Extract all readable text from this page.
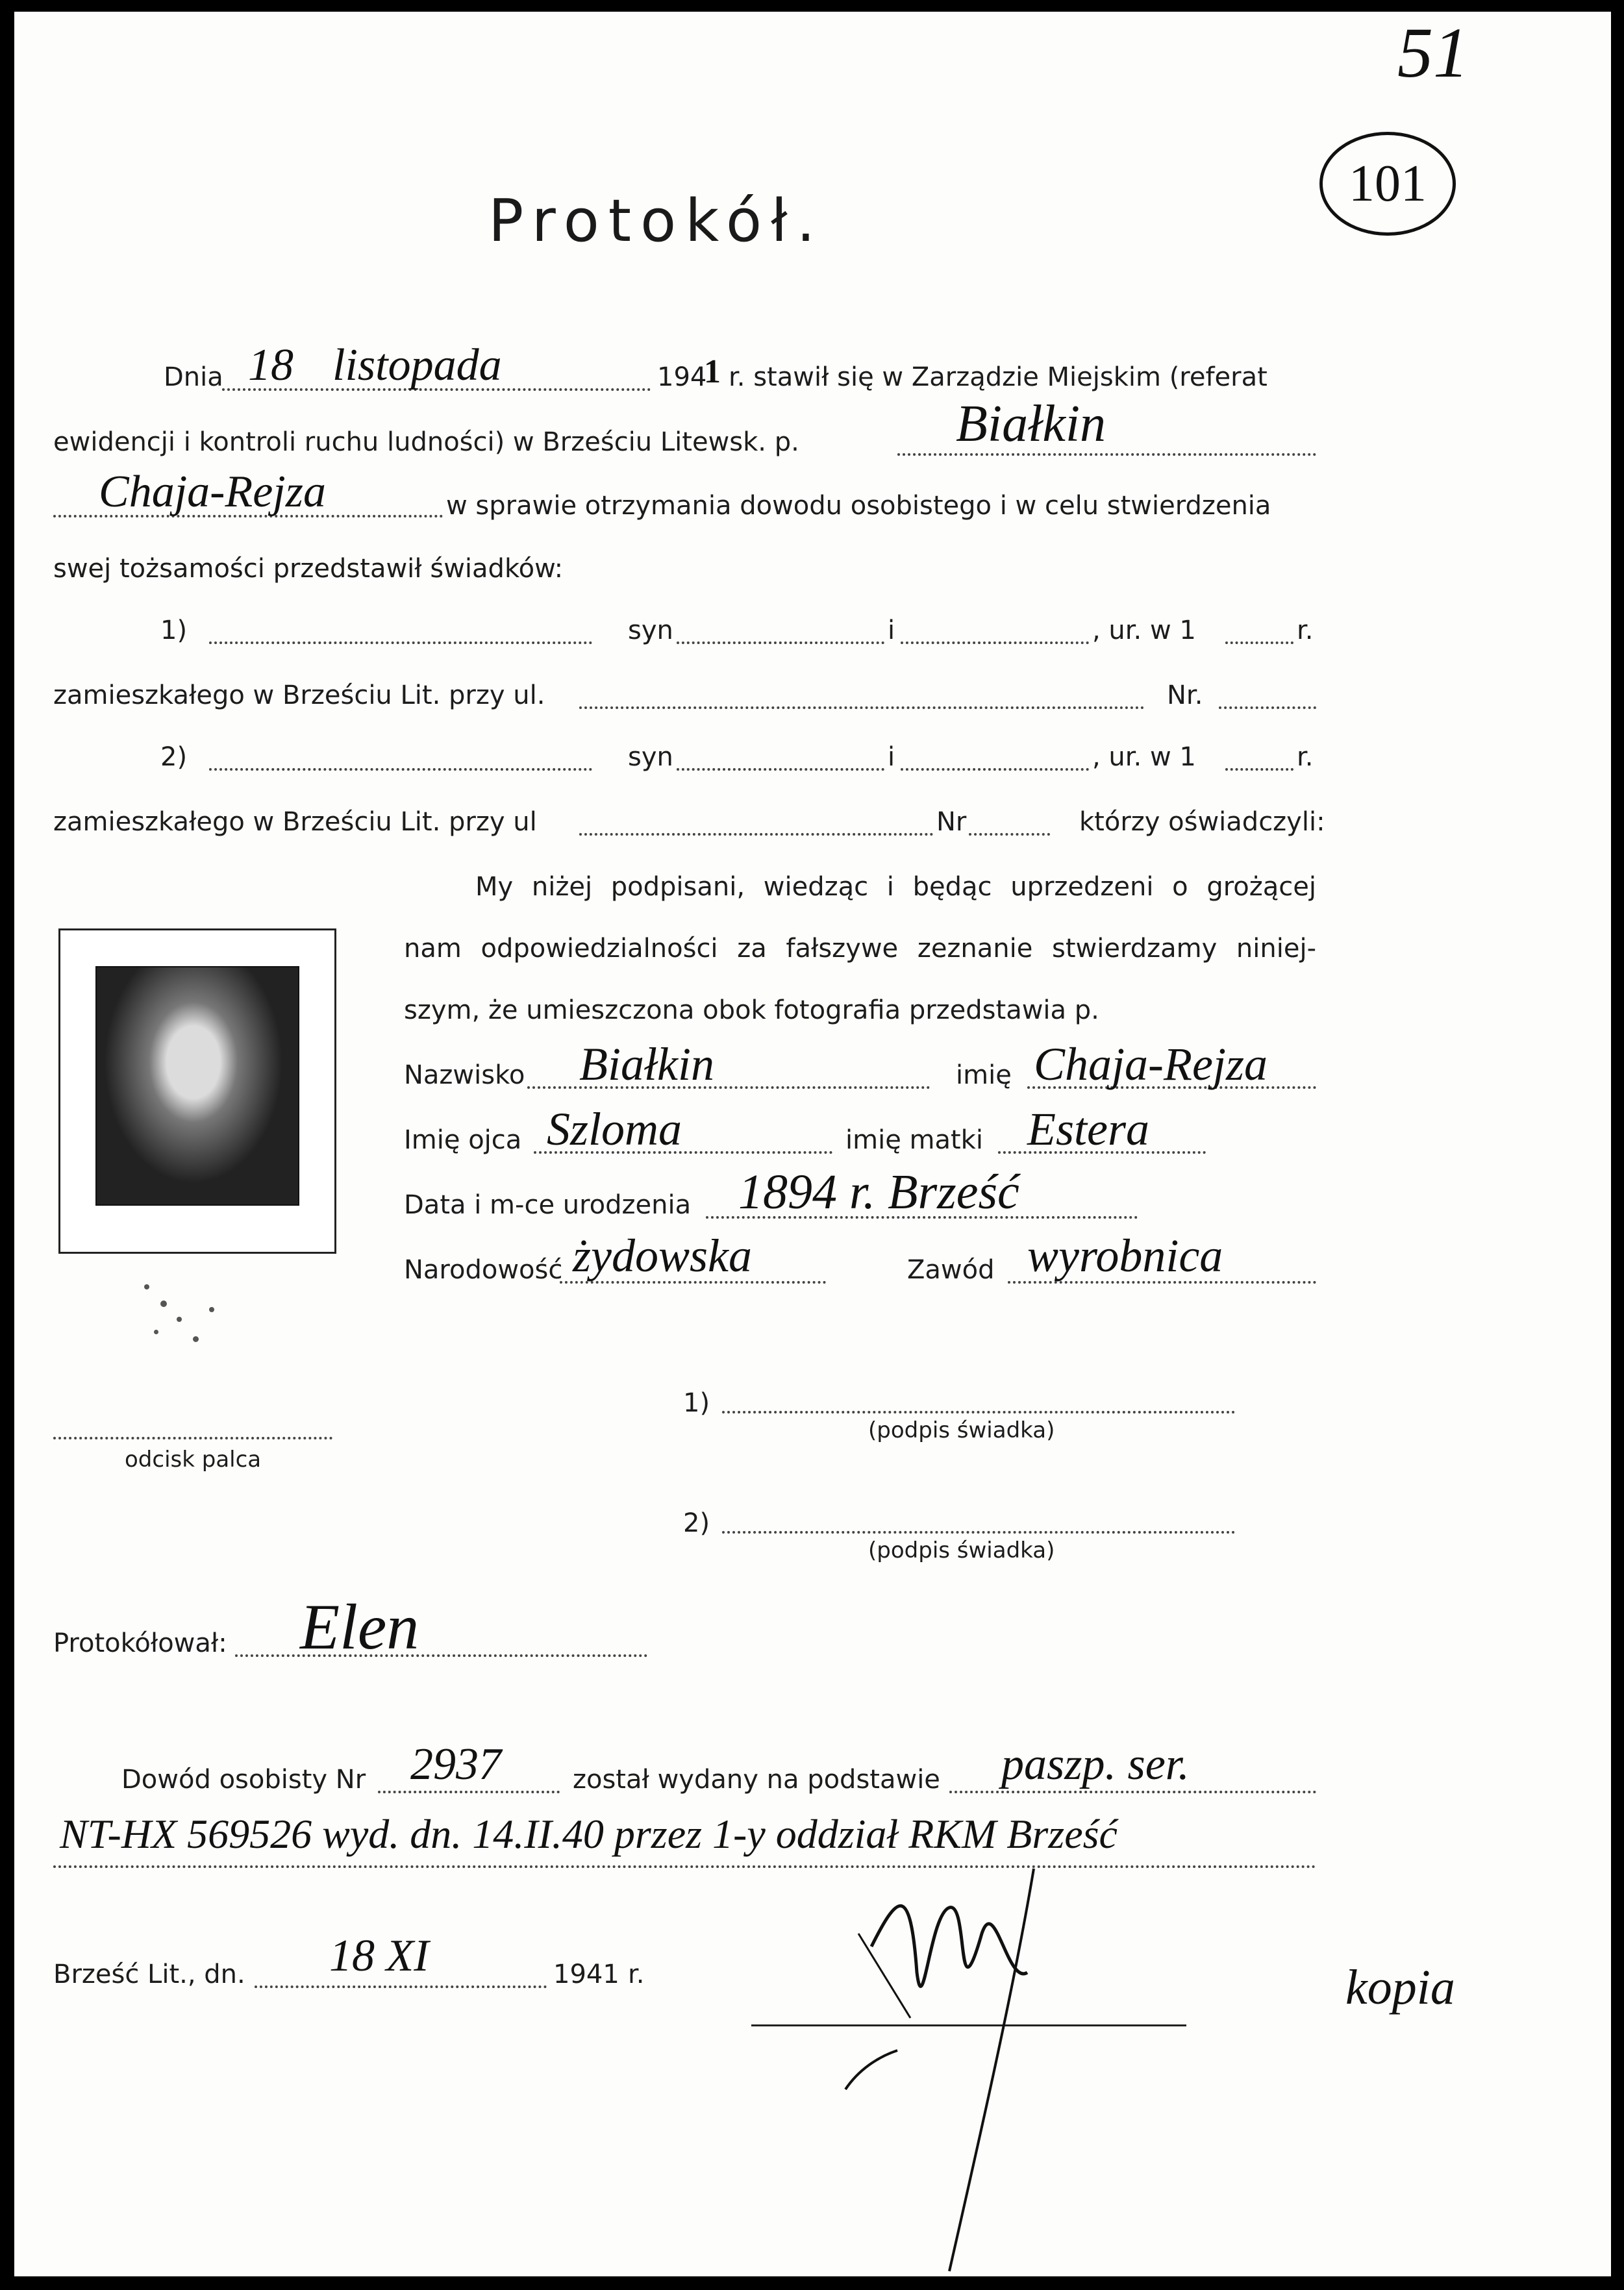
51
101
Protokół.
Dnia 18 listopada	194
1 r. stawił się w Zarządzie Miejskim (referat
ewidencji i kontroli ruchu ludności) w Brześciu Litewsk. p.	Białkin
Chaja-Rejza	w sprawie otrzymania dowodu osobistego i w celu stwierdzenia
swej tożsamości przedstawił świadków:
1)	syn	i	, ur. w 1	r.
zamieszkałego w Brześciu Lit. przy ul.	Nr.
2)	syn	i	, ur. w 1	r.
zamieszkałego w Brześciu Lit. przy ul	Nr	którzy oświadczyli:
My niżej podpisani, wiedząc i będąc uprzedzeni o grożącej
nam odpowiedzialności za fałszywe zeznanie stwierdzamy niniej-
szym, że umieszczona obok fotografia przedstawia p.
Nazwisko Białkin	imię Chaja-Rejza
Imię ojca Szloma	imię matki Estera
Data i m-ce urodzenia 1894 r. Brześć
Narodowość żydowska	Zawód wyrobnica
odcisk palca
1)
(podpis świadka)
2)
(podpis świadka)
Protokółował: Elen
Dowód osobisty Nr 2937	został wydany na podstawie paszp. ser.
NT-HX 569526 wyd. dn. 14.II.40 przez 1-y oddział RKM Brześć
Brześć Lit., dn. 18 XI	1941 r.	kopia
